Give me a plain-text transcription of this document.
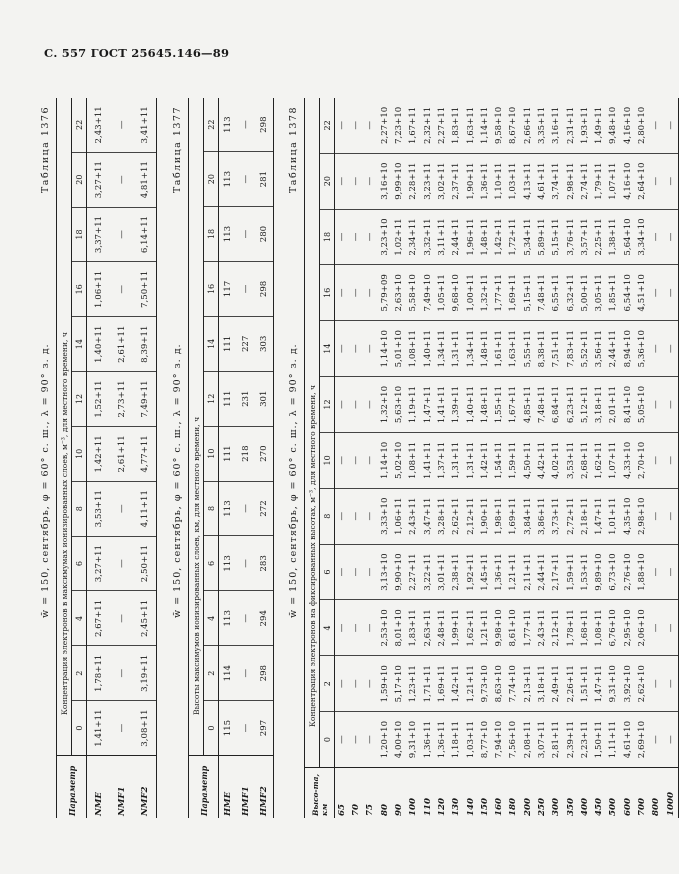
С. 557 ГОСТ 25645.146—89
w̄ = 150, сентябрь, φ = 60° с. ш., λ = 90° з. д.
Таблица 1376
Параметр	Концентрация электронов в максимумах ионизированных слоев, м⁻³, для местного времени, ч											
	0	2	4	6	8	10	12	14	16	18	20	22
NME	1,41+11	1,78+11	2,67+11	3,27+11	3,53+11	1,42+11	1,52+11	1,40+11	1,06+11	3,37+11	3,27+11	2,43+11
NMF1	—	—	—	—	—	2,61+11	2,73+11	2,61+11	—	—	—	—
NMF2	3,08+11	3,19+11	2,45+11	2,50+11	4,11+11	4,77+11	7,49+11	8,39+11	7,50+11	6,14+11	4,81+11	3,41+11
w̄ = 150, сентябрь, φ = 60° с. ш., λ = 90° з. д.
Таблица 1377
Параметр	Высоты максимумов ионизированных слоев, км, для местного времени, ч											
	0	2	4	6	8	10	12	14	16	18	20	22
HME	115	114	113	113	113	111	111	111	117	113	113	113
HMF1	—	—	—	—	—	218	231	227	—	—	—	—
HMF2	297	298	294	283	272	270	301	303	298	280	281	298
w̄ = 150, сентябрь, φ = 60° с. ш., λ = 90° з. д.
Таблица 1378
Высо-та, км	Концентрация электронов на фиксированных высотах, м⁻³, для местного времени, ч											
	0	2	4	6	8	10	12	14	16	18	20	22
65	—	—	—	—	—	—	—	—	—	—	—	—
70	—	—	—	—	—	—	—	—	—	—	—	—
75	—	—	—	—	—	—	—	—	—	—	—	—
80	1,20+10	1,59+10	2,53+10	3,13+10	3,33+10	1,14+10	1,32+10	1,14+10	5,79+09	3,23+10	3,16+10	2,27+10
90	4,00+10	5,17+10	8,01+10	9,90+10	1,06+11	5,02+10	5,63+10	5,01+10	2,63+10	1,02+11	9,99+10	7,23+10
100	9,31+10	1,23+11	1,83+11	2,27+11	2,43+11	1,08+11	1,19+11	1,08+11	5,58+10	2,34+11	2,28+11	1,67+11
110	1,36+11	1,71+11	2,63+11	3,22+11	3,47+11	1,41+11	1,47+11	1,40+11	7,49+10	3,32+11	3,23+11	2,32+11
120	1,36+11	1,69+11	2,48+11	3,01+11	3,28+11	1,37+11	1,41+11	1,34+11	1,05+11	3,11+11	3,02+11	2,27+11
130	1,18+11	1,42+11	1,99+11	2,38+11	2,62+11	1,31+11	1,39+11	1,31+11	9,68+10	2,44+11	2,37+11	1,83+11
140	1,03+11	1,21+11	1,62+11	1,92+11	2,12+11	1,31+11	1,40+11	1,34+11	1,00+11	1,96+11	1,90+11	1,63+11
150	8,77+10	9,73+10	1,21+11	1,45+11	1,90+11	1,42+11	1,48+11	1,48+11	1,32+11	1,48+11	1,36+11	1,14+11
160	7,94+10	8,63+10	9,98+10	1,36+11	1,98+11	1,54+11	1,55+11	1,61+11	1,77+11	1,42+11	1,10+11	9,58+10
180	7,56+10	7,74+10	8,61+10	1,21+11	1,69+11	1,59+11	1,67+11	1,63+11	1,69+11	1,72+11	1,03+11	8,67+10
200	2,08+11	2,13+11	1,77+11	2,11+11	3,84+11	4,50+11	4,85+11	5,55+11	5,15+11	5,34+11	4,13+11	2,66+11
250	3,07+11	3,18+11	2,43+11	2,44+11	3,86+11	4,42+11	7,48+11	8,38+11	7,48+11	5,89+11	4,61+11	3,35+11
300	2,81+11	2,49+11	2,12+11	2,17+11	3,73+11	4,02+11	6,84+11	7,51+11	6,55+11	5,15+11	3,74+11	3,16+11
350	2,39+11	2,26+11	1,78+11	1,59+11	2,72+11	3,53+11	6,23+11	7,83+11	6,32+11	3,76+11	2,98+11	2,31+11
400	2,23+11	1,51+11	1,68+11	1,53+11	2,18+11	2,68+11	5,12+11	5,52+11	5,00+11	3,57+11	2,74+11	1,93+11
450	1,50+11	1,47+11	1,08+11	9,89+10	1,47+11	1,62+11	3,18+11	3,56+11	3,05+11	2,25+11	1,79+11	1,49+11
500	1,11+11	9,31+10	6,76+10	6,73+10	1,01+11	1,07+11	2,01+11	2,44+11	1,85+11	1,38+11	1,07+11	9,48+10
600	4,61+10	3,92+10	2,95+10	2,76+10	4,35+10	4,33+10	8,41+10	8,94+10	6,54+10	5,64+10	4,16+10	4,16+10
700	2,69+10	2,62+10	2,06+10	1,88+10	2,98+10	2,70+10	5,05+10	5,36+10	4,51+10	3,34+10	2,64+10	2,80+10
800	—	—	—	—	—	—	—	—	—	—	—	—
1000	—	—	—	—	—	—	—	—	—	—	—	—
